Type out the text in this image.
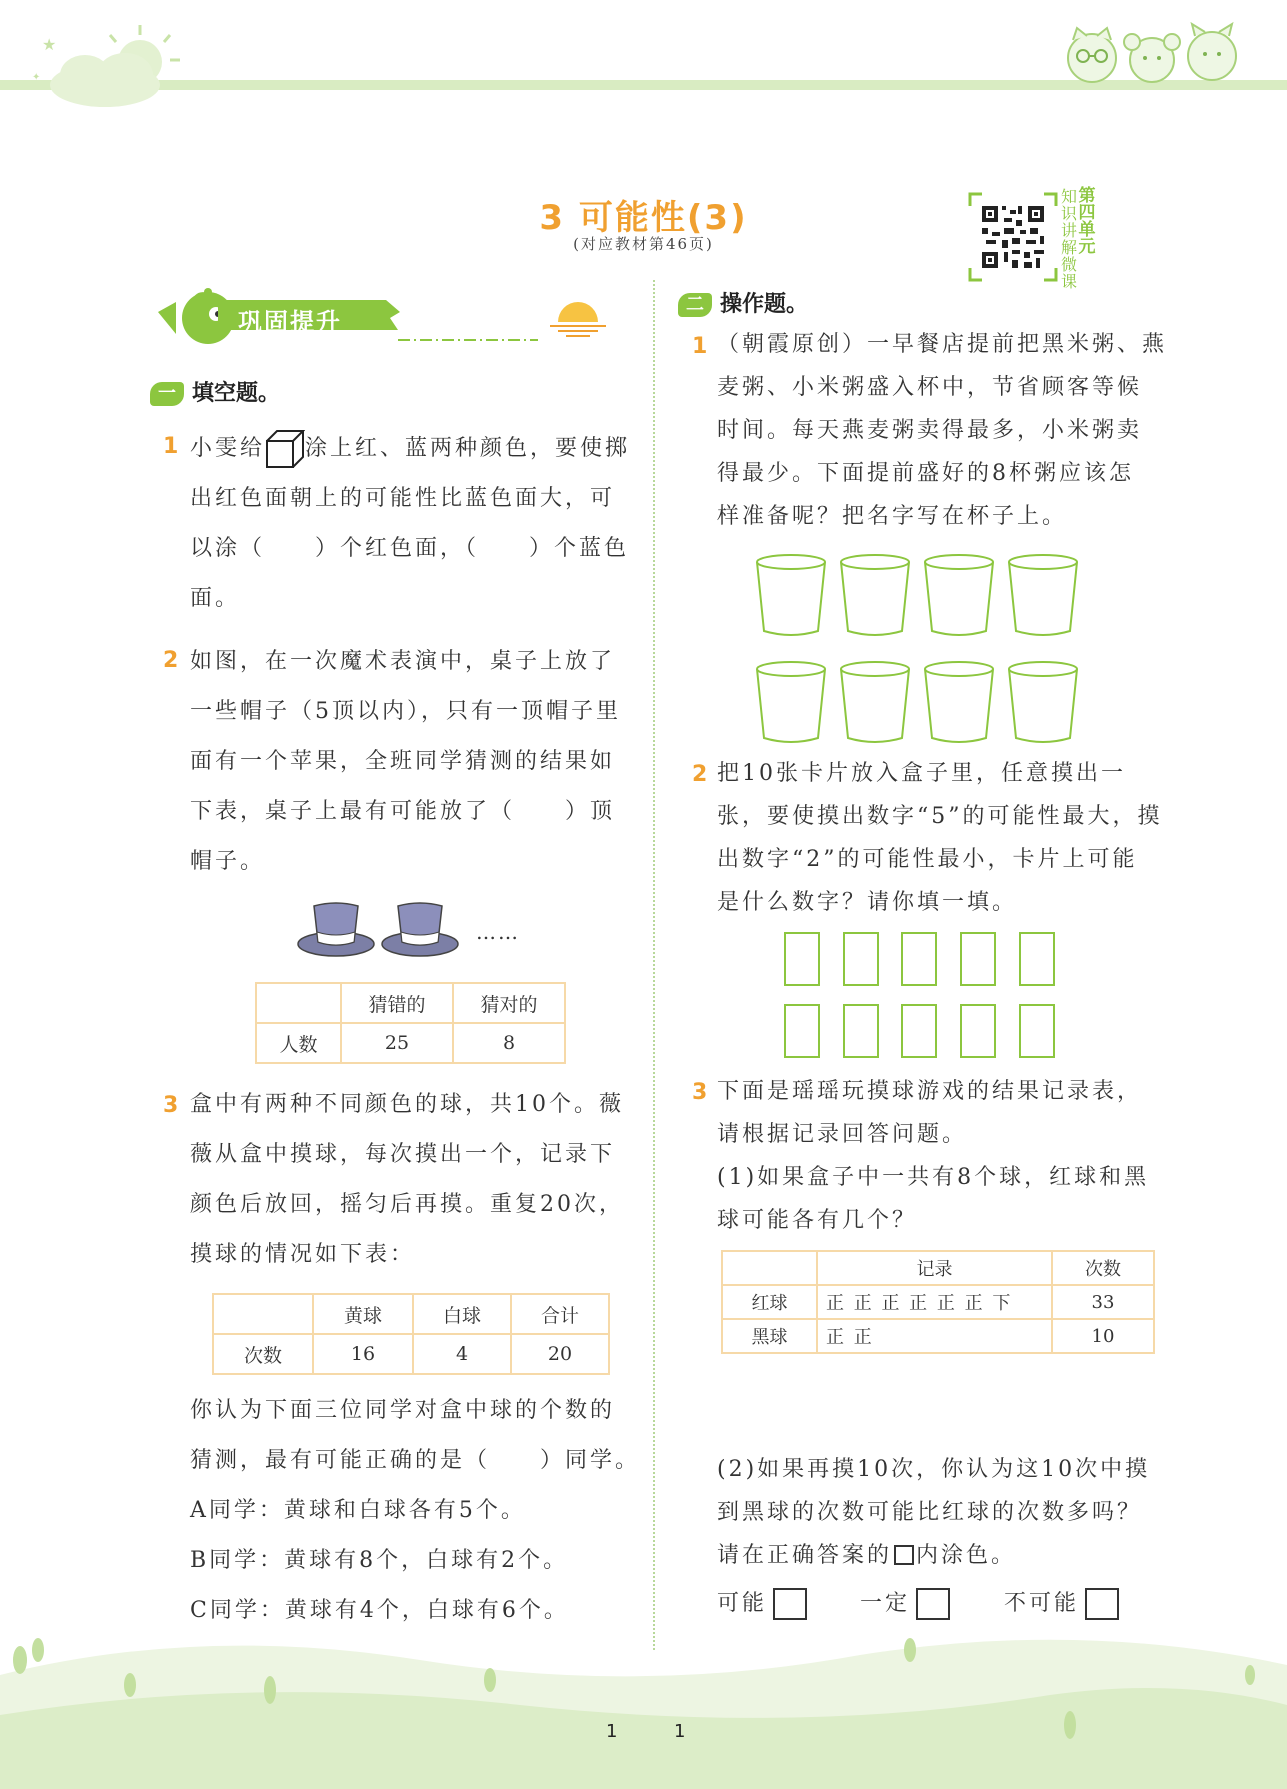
★
✦
3 可能性(3)
(对应教材第46页)
知识讲解微课
第四单元
巩固提升
一 填空题。
1 小雯给 涂上红、蓝两种颜色，要使掷
出红色面朝上的可能性比蓝色面大，可
以涂（　　）个红色面，（　　）个蓝色
面。
2 如图，在一次魔术表演中，桌子上放了
一些帽子（5顶以内），只有一顶帽子里
面有一个苹果，全班同学猜测的结果如
下表，桌子上最有可能放了（　　）顶
帽子。
……
	猜错的	猜对的
人数	25	8
3 盒中有两种不同颜色的球，共10个。薇
薇从盒中摸球，每次摸出一个，记录下
颜色后放回，摇匀后再摸。重复20次，
摸球的情况如下表：
	黄球	白球	合计
次数	16	4	20
你认为下面三位同学对盒中球的个数的
猜测，最有可能正确的是（　　）同学。
A同学：黄球和白球各有5个。
B同学：黄球有8个，白球有2个。
C同学：黄球有4个，白球有6个。
二 操作题。
1 （朝霞原创）一早餐店提前把黑米粥、燕
麦粥、小米粥盛入杯中，节省顾客等候
时间。每天燕麦粥卖得最多，小米粥卖
得最少。下面提前盛好的8杯粥应该怎
样准备呢？把名字写在杯子上。
2 把10张卡片放入盒子里，任意摸出一
张，要使摸出数字“5”的可能性最大，摸
出数字“2”的可能性最小，卡片上可能
是什么数字？请你填一填。
3 下面是瑶瑶玩摸球游戏的结果记录表，
请根据记录回答问题。
(1)如果盒子中一共有8个球，红球和黑
球可能各有几个？
	记录	次数
红球	正 正 正 正 正 正 下	33
黑球	正 正	10
(2)如果再摸10次，你认为这10次中摸
到黑球的次数可能比红球的次数多吗？
请在正确答案的 内涂色。
可能	一定	不可能
1	1
